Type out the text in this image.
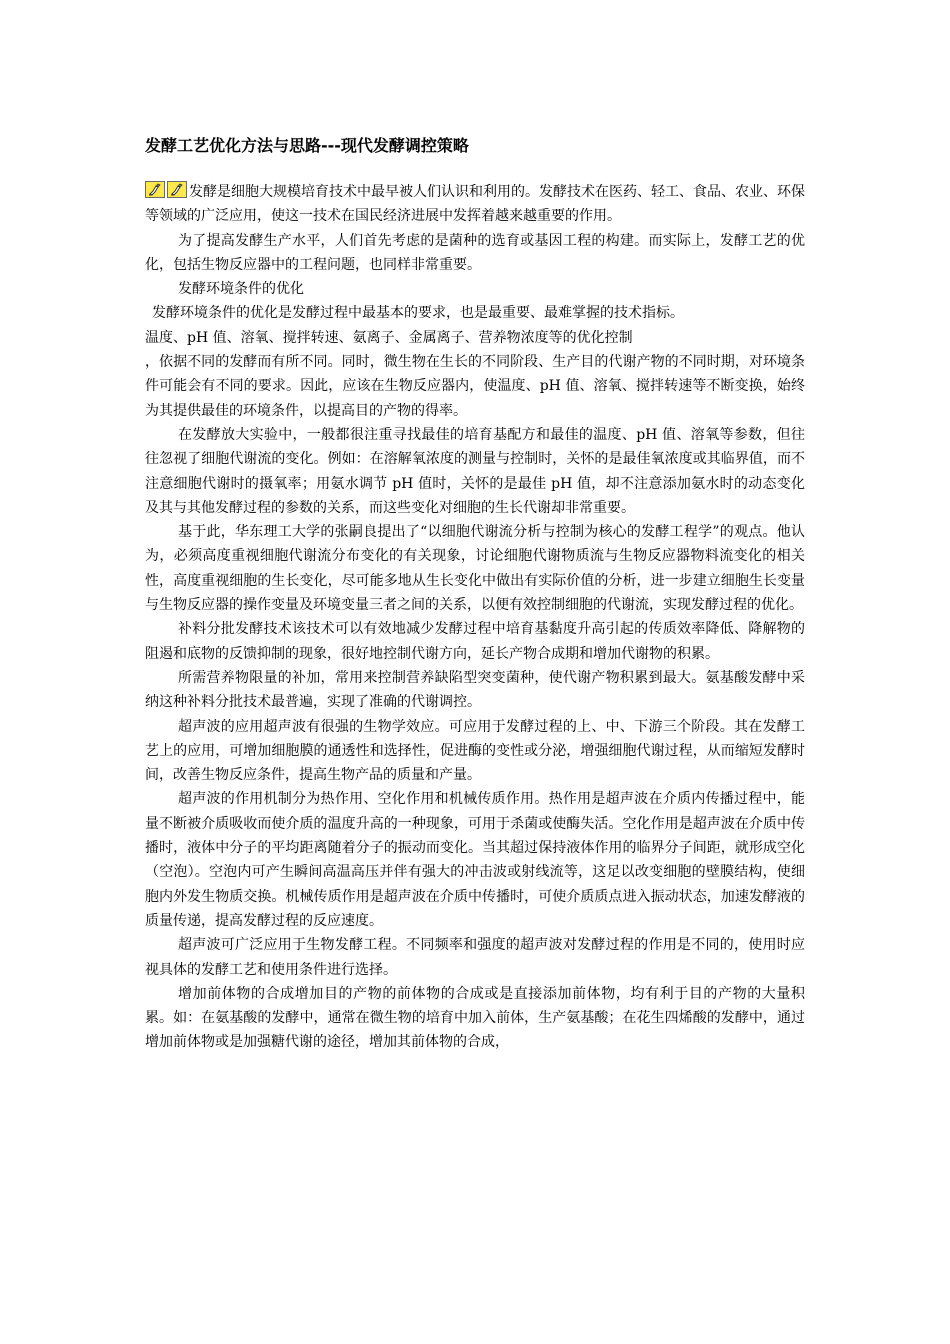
发酵工艺优化方法与思路---现代发酵调控策略

发酵是细胞大规模培育技术中最早被人们认识和利用的。发酵技术在医药、轻工、食品、农业、环保等领域的广泛应用，使这一技术在国民经济进展中发挥着越来越重要的作用。

为了提高发酵生产水平，人们首先考虑的是菌种的选育或基因工程的构建。而实际上，发酵工艺的优化，包括生物反应器中的工程问题，也同样非常重要。

发酵环境条件的优化

发酵环境条件的优化是发酵过程中最基本的要求，也是最重要、最难掌握的技术指标。

温度、pH 值、溶氧、搅拌转速、氨离子、金属离子、营养物浓度等的优化控制

，依据不同的发酵而有所不同。同时，微生物在生长的不同阶段、生产目的代谢产物的不同时期，对环境条件可能会有不同的要求。因此，应该在生物反应器内，使温度、pH 值、溶氧、搅拌转速等不断变换，始终为其提供最佳的环境条件，以提高目的产物的得率。

在发酵放大实验中，一般都很注重寻找最佳的培育基配方和最佳的温度、pH 值、溶氧等参数，但往往忽视了细胞代谢流的变化。例如：在溶解氧浓度的测量与控制时，关怀的是最佳氧浓度或其临界值，而不注意细胞代谢时的摄氧率；用氨水调节 pH 值时，关怀的是最佳 pH 值，却不注意添加氨水时的动态变化及其与其他发酵过程的参数的关系，而这些变化对细胞的生长代谢却非常重要。

基于此，华东理工大学的张嗣良提出了“以细胞代谢流分析与控制为核心的发酵工程学”的观点。他认为，必须高度重视细胞代谢流分布变化的有关现象，讨论细胞代谢物质流与生物反应器物料流变化的相关性，高度重视细胞的生长变化，尽可能多地从生长变化中做出有实际价值的分析，进一步建立细胞生长变量与生物反应器的操作变量及环境变量三者之间的关系，以便有效控制细胞的代谢流，实现发酵过程的优化。

补料分批发酵技术该技术可以有效地减少发酵过程中培育基黏度升高引起的传质效率降低、降解物的阻遏和底物的反馈抑制的现象，很好地控制代谢方向，延长产物合成期和增加代谢物的积累。

所需营养物限量的补加，常用来控制营养缺陷型突变菌种，使代谢产物积累到最大。氨基酸发酵中采纳这种补料分批技术最普遍，实现了准确的代谢调控。

超声波的应用超声波有很强的生物学效应。可应用于发酵过程的上、中、下游三个阶段。其在发酵工艺上的应用，可增加细胞膜的通透性和选择性，促进酶的变性或分泌，增强细胞代谢过程，从而缩短发酵时间，改善生物反应条件，提高生物产品的质量和产量。

超声波的作用机制分为热作用、空化作用和机械传质作用。热作用是超声波在介质内传播过程中，能量不断被介质吸收而使介质的温度升高的一种现象，可用于杀菌或使酶失活。空化作用是超声波在介质中传播时，液体中分子的平均距离随着分子的振动而变化。当其超过保持液体作用的临界分子间距，就形成空化（空泡）。空泡内可产生瞬间高温高压并伴有强大的冲击波或射线流等，这足以改变细胞的壁膜结构，使细胞内外发生物质交换。机械传质作用是超声波在介质中传播时，可使介质质点进入振动状态，加速发酵液的质量传递，提高发酵过程的反应速度。

超声波可广泛应用于生物发酵工程。不同频率和强度的超声波对发酵过程的作用是不同的，使用时应视具体的发酵工艺和使用条件进行选择。

增加前体物的合成增加目的产物的前体物的合成或是直接添加前体物，均有利于目的产物的大量积累。如：在氨基酸的发酵中，通常在微生物的培育中加入前体，生产氨基酸；在花生四烯酸的发酵中，通过增加前体物或是加强糖代谢的途径，增加其前体物的合成，
